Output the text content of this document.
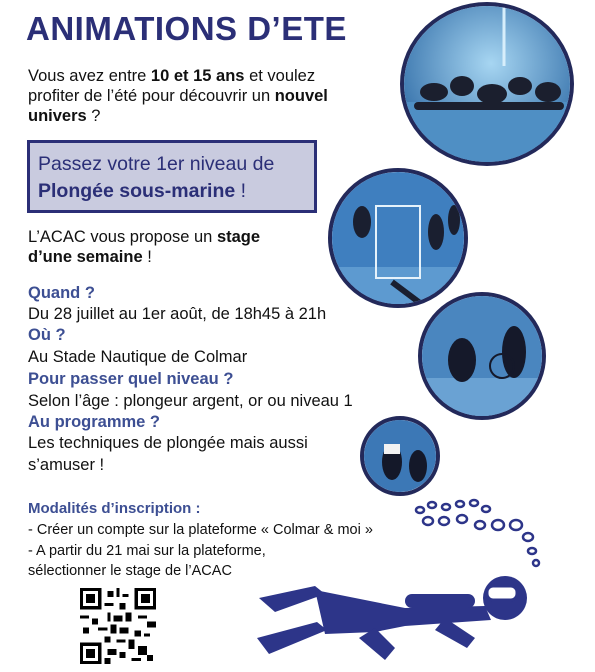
ANIMATIONS D’ETE
Vous avez entre 10 et 15 ans et voulez profiter de l’été pour découvrir un nouvel univers ?
Passez votre 1er niveau de
Plongée sous-marine !
L’ACAC vous propose un stage
d’une semaine !
Quand ?
Du 28 juillet au 1er août, de 18h45 à 21h
Où ?
Au Stade Nautique de Colmar
Pour passer quel niveau ?
Selon l’âge : plongeur argent, or ou niveau 1
Au programme ?
Les techniques de plongée mais aussi
s’amuser !
Modalités d’inscription :
- Créer un compte sur la plateforme « Colmar & moi »
- A partir du 21 mai sur la plateforme,
sélectionner le stage de l’ACAC
